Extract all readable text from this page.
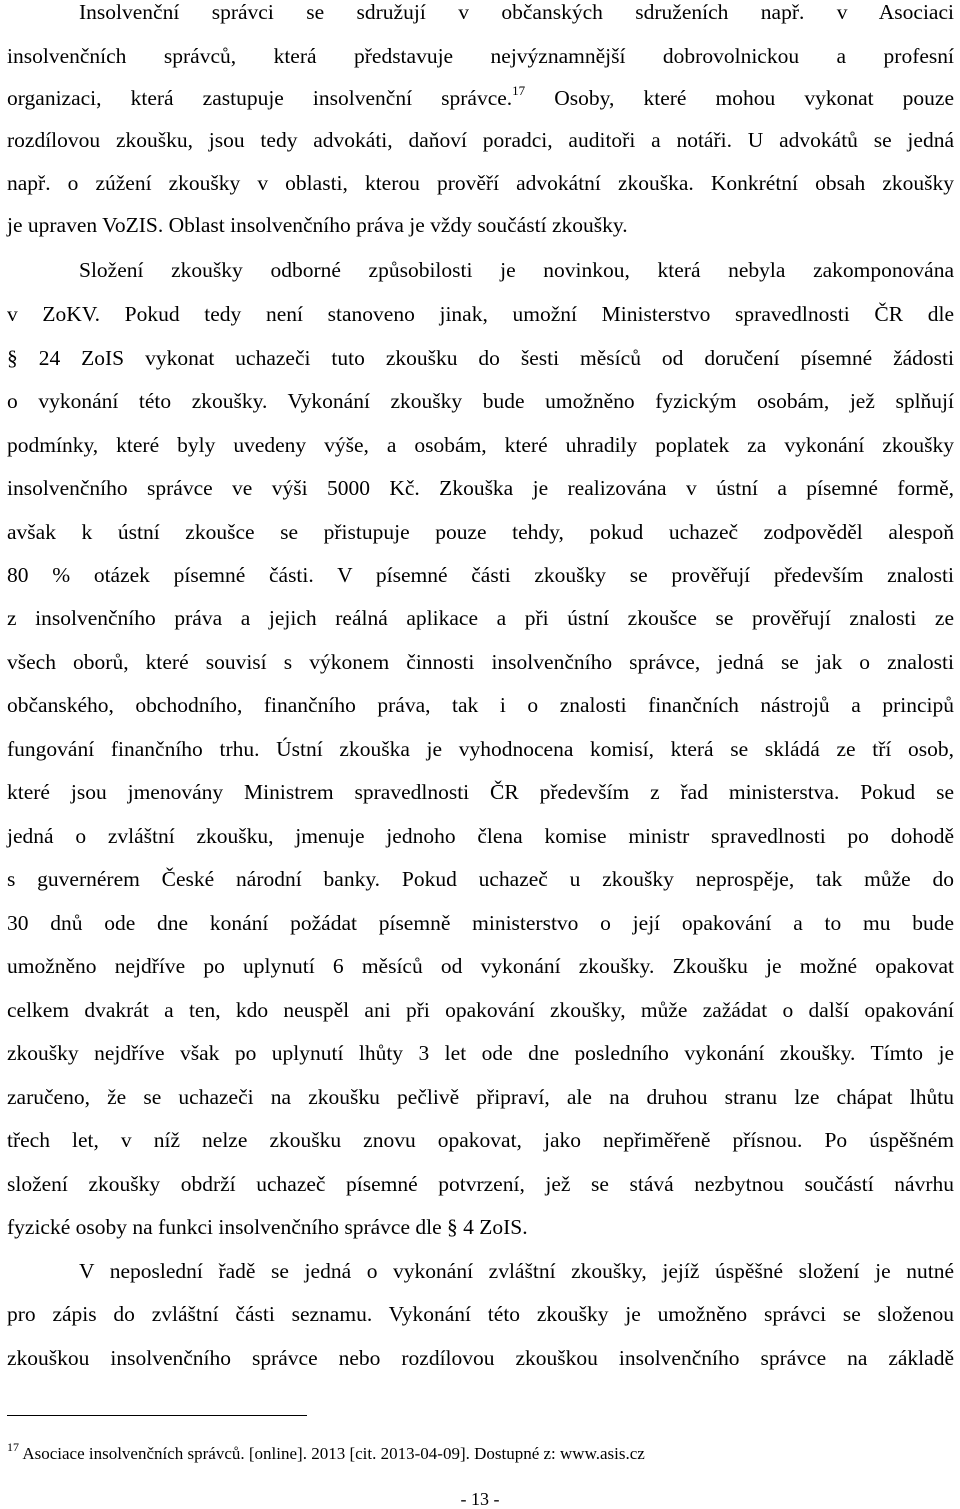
Insolvenční správci se sdružují v občanských sdruženích např. v Asociaci
insolvenčních správců, která představuje nejvýznamnější dobrovolnickou a profesní
organizaci, která zastupuje insolvenční správce.$^{17}$ Osoby, které mohou vykonat pouze
rozdílovou zkoušku, jsou tedy advokáti, daňoví poradci, auditoři a notáři. U advokátů se jedná
např. o zúžení zkoušky v oblasti, kterou prověří advokátní zkouška. Konkrétní obsah zkoušky
je upraven VoZIS. Oblast insolvenčního práva je vždy součástí zkoušky.
Složení zkoušky odborné způsobilosti je novinkou, která nebyla zakomponována
v ZoKV. Pokud tedy není stanoveno jinak, umožní Ministerstvo spravedlnosti ČR dle
§ 24 ZoIS vykonat uchazeči tuto zkoušku do šesti měsíců od doručení písemné žádosti
o vykonání této zkoušky. Vykonání zkoušky bude umožněno fyzickým osobám, jež splňují
podmínky, které byly uvedeny výše, a osobám, které uhradily poplatek za vykonání zkoušky
insolvenčního správce ve výši 5000 Kč. Zkouška je realizována v ústní a písemné formě,
avšak k ústní zkoušce se přistupuje pouze tehdy, pokud uchazeč zodpověděl alespoň
80 % otázek písemné části. V písemné části zkoušky se prověřují především znalosti
z insolvenčního práva a jejich reálná aplikace a při ústní zkoušce se prověřují znalosti ze
všech oborů, které souvisí s výkonem činnosti insolvenčního správce, jedná se jak o znalosti
občanského, obchodního, finančního práva, tak i o znalosti finančních nástrojů a principů
fungování finančního trhu. Ústní zkouška je vyhodnocena komisí, která se skládá ze tří osob,
které jsou jmenovány Ministrem spravedlnosti ČR především z řad ministerstva. Pokud se
jedná o zvláštní zkoušku, jmenuje jednoho člena komise ministr spravedlnosti po dohodě
s guvernérem České národní banky. Pokud uchazeč u zkoušky neprospěje, tak může do
30 dnů ode dne konání požádat písemně ministerstvo o její opakování a to mu bude
umožněno nejdříve po uplynutí 6 měsíců od vykonání zkoušky. Zkoušku je možné opakovat
celkem dvakrát a ten, kdo neuspěl ani při opakování zkoušky, může zažádat o další opakování
zkoušky nejdříve však po uplynutí lhůty 3 let ode dne posledního vykonání zkoušky. Tímto je
zaručeno, že se uchazeči na zkoušku pečlivě připraví, ale na druhou stranu lze chápat lhůtu
třech let, v níž nelze zkoušku znovu opakovat, jako nepřiměřeně přísnou. Po úspěšném
složení zkoušky obdrží uchazeč písemné potvrzení, jež se stává nezbytnou součástí návrhu
fyzické osoby na funkci insolvenčního správce dle § 4 ZoIS.
V neposlední řadě se jedná o vykonání zvláštní zkoušky, jejíž úspěšné složení je nutné
pro zápis do zvláštní části seznamu. Vykonání této zkoušky je umožněno správci se složenou
zkouškou insolvenčního správce nebo rozdílovou zkouškou insolvenčního správce na základě
$^{17}$ Asociace insolvenčních správců. [online]. 2013 [cit. 2013-04-09]. Dostupné z: www.asis.cz
- 13 -
